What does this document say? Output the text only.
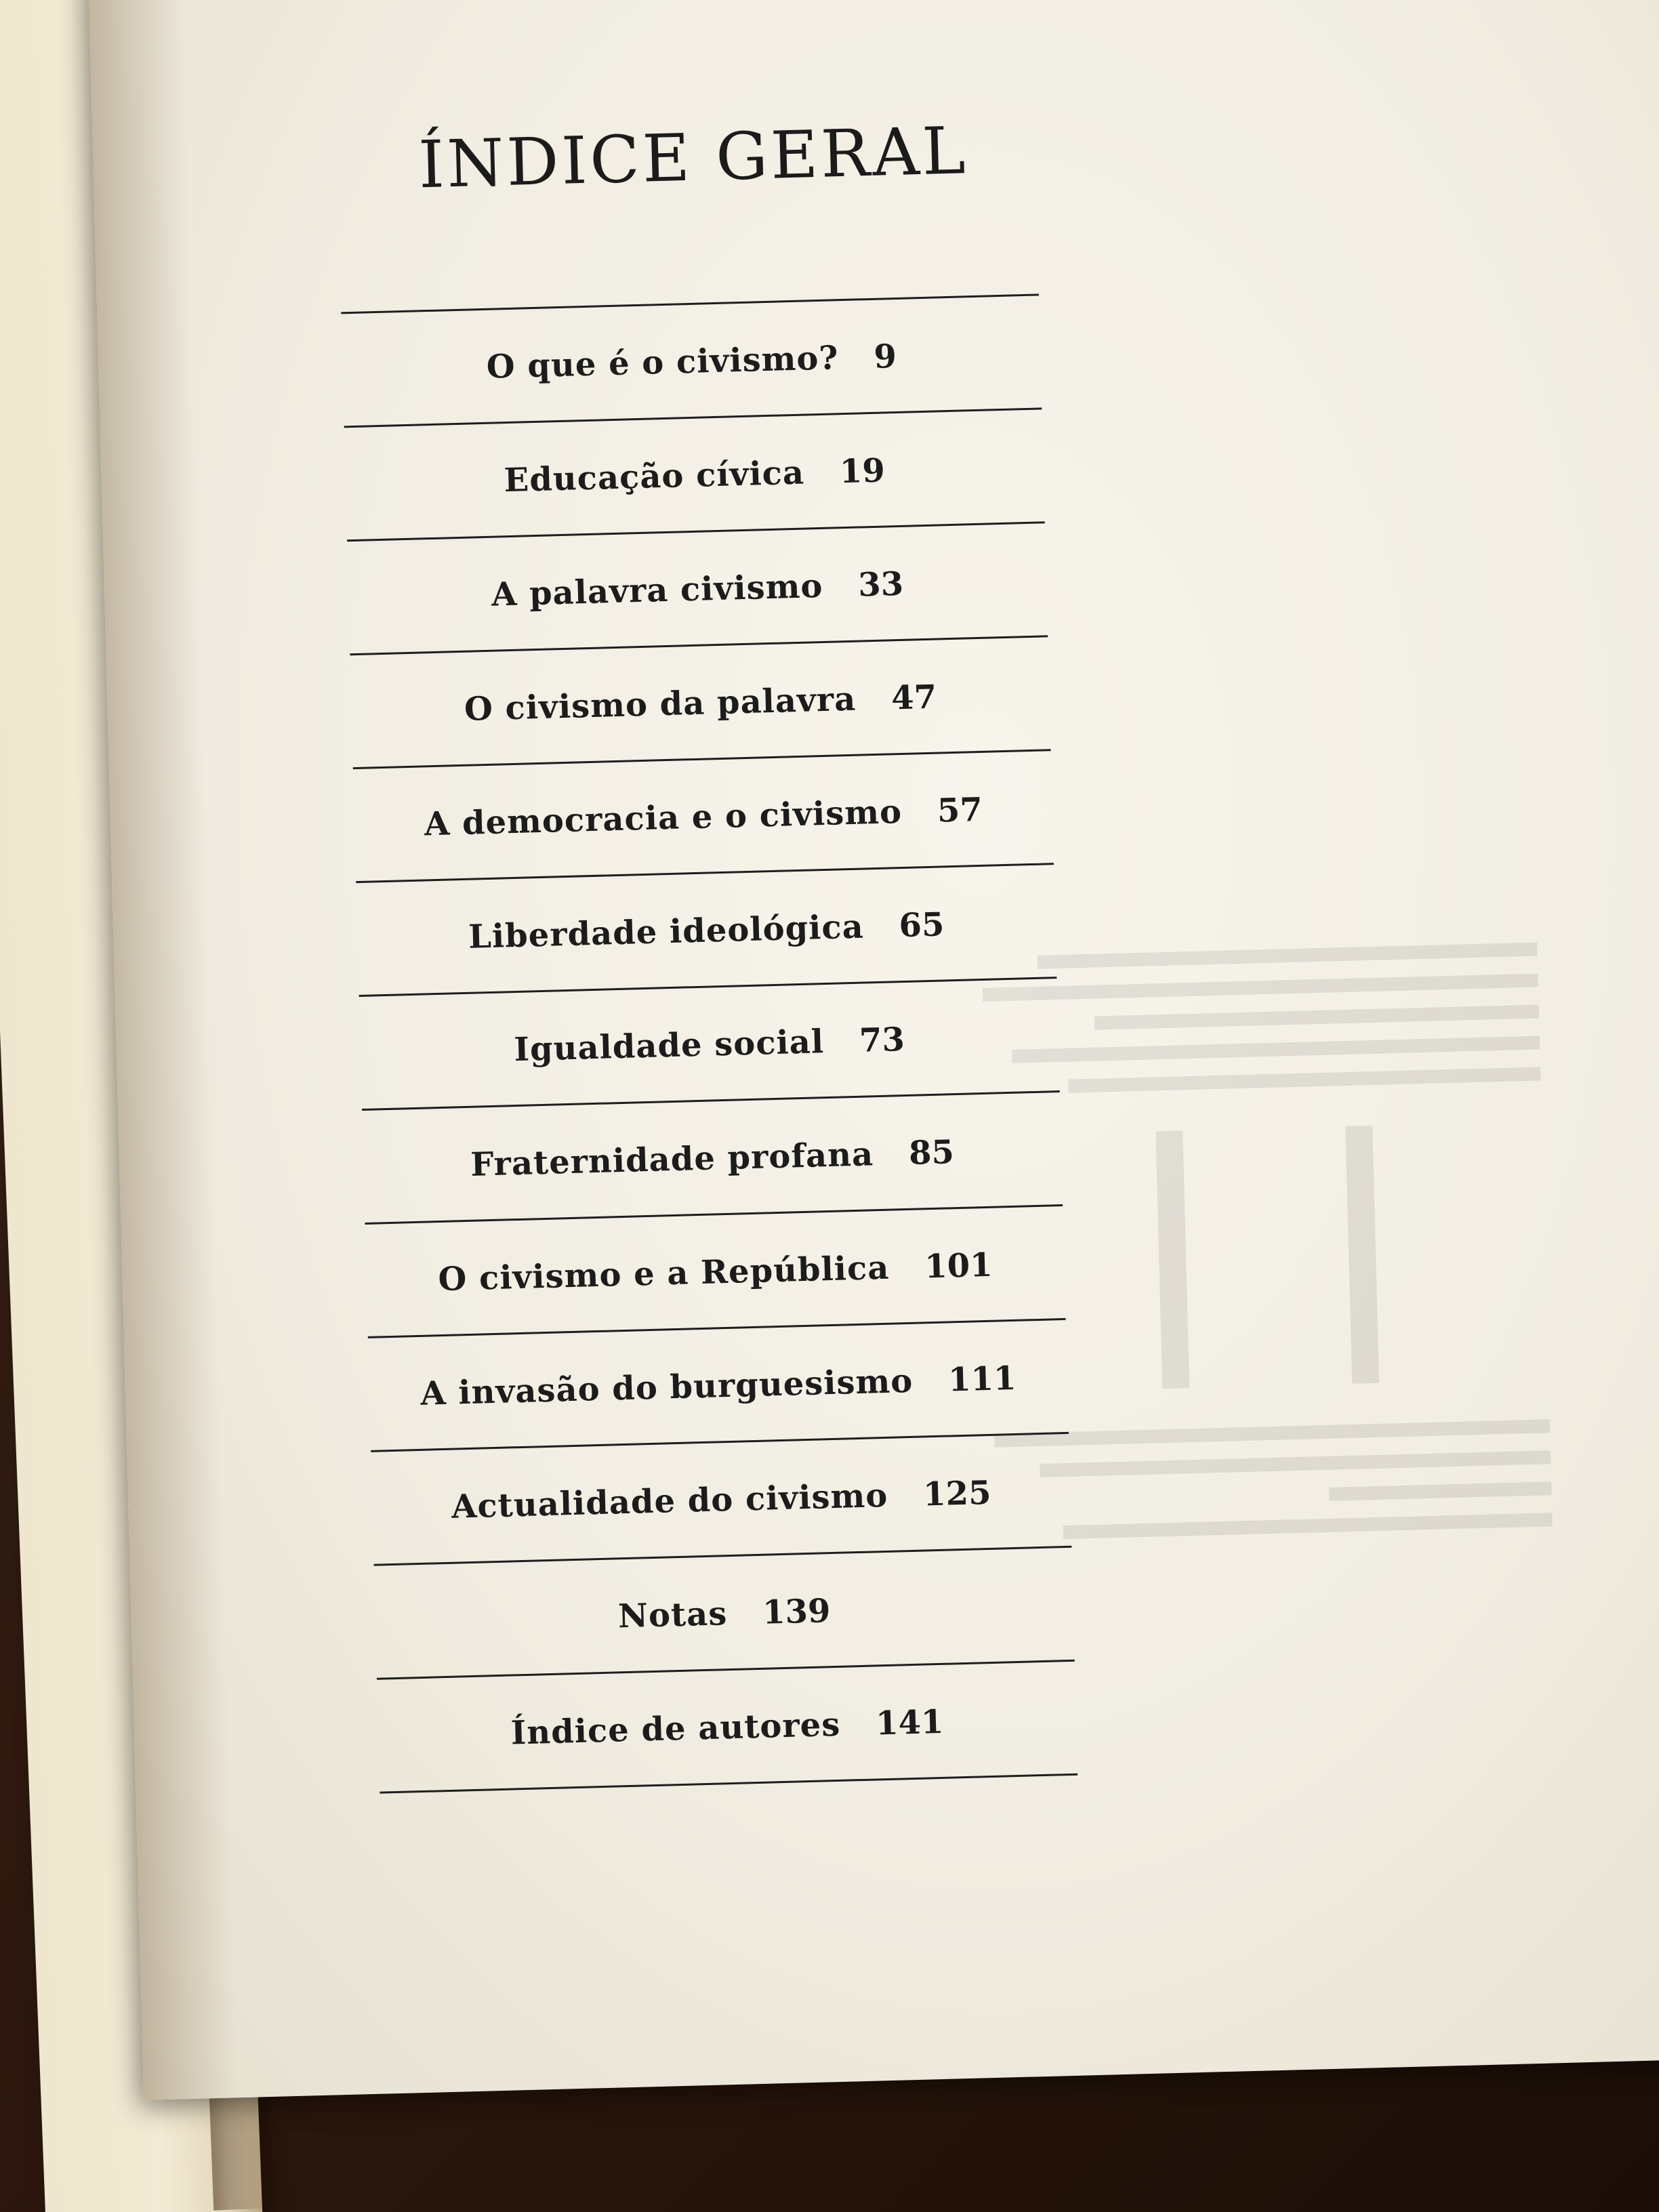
ÍNDICE GERAL
O que é o civismo? 9
Educação cívica 19
A palavra civismo 33
O civismo da palavra 47
A democracia e o civismo 57
Liberdade ideológica 65
Igualdade social 73
Fraternidade profana 85
O civismo e a República 101
A invasão do burguesismo 111
Actualidade do civismo 125
Notas 139
Índice de autores 141
